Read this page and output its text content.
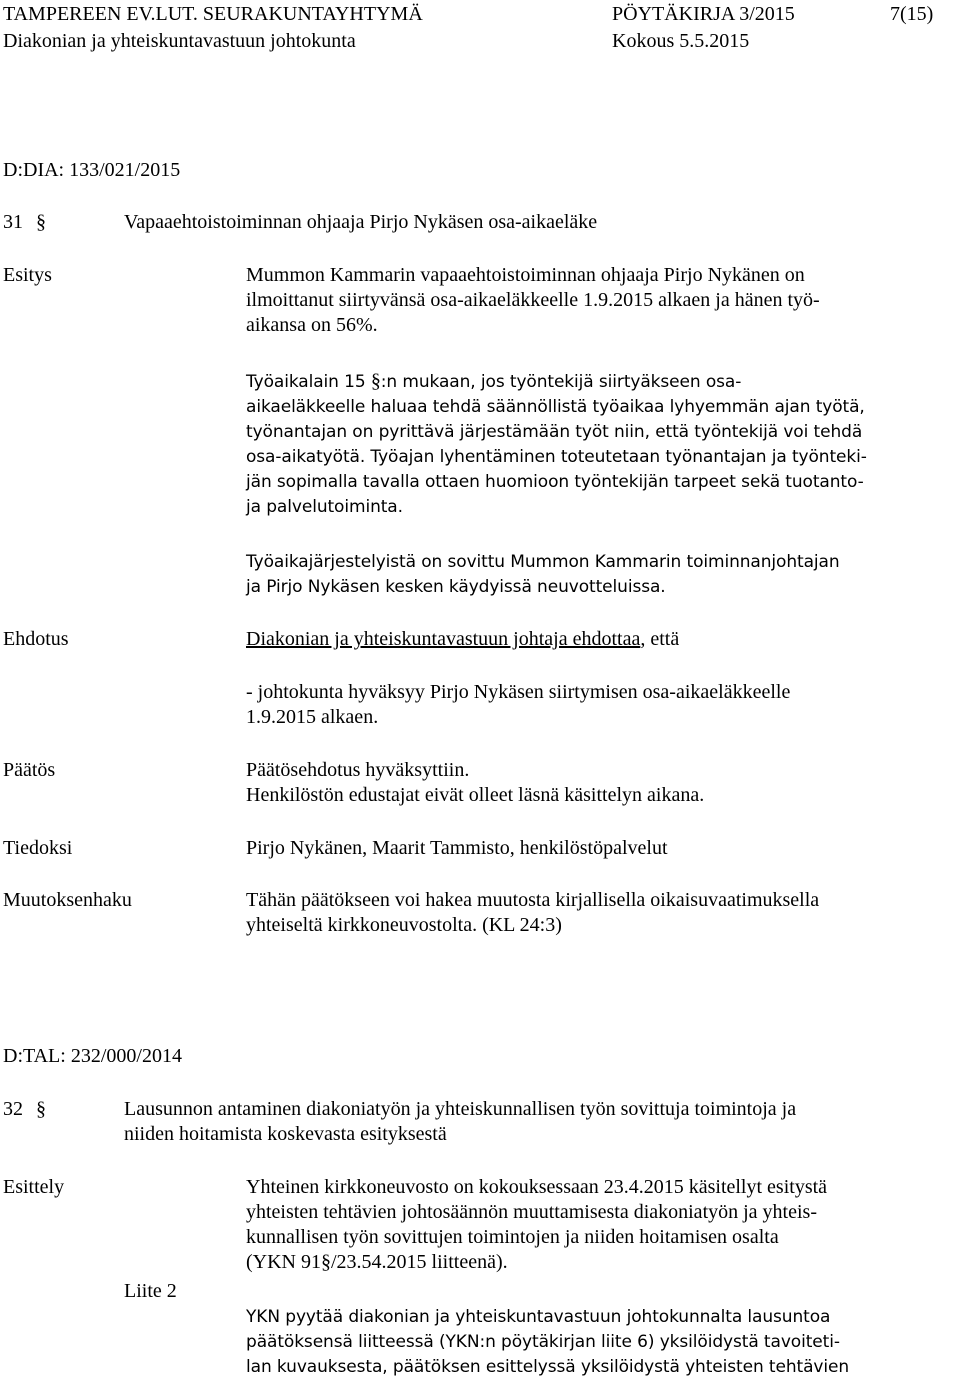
TAMPEREEN EV.LUT. SEURAKUNTAYHTYMÄ	PÖYTÄKIRJA 3/2015	7(15)
Diakonian ja yhteiskuntavastuun johtokunta	Kokous 5.5.2015
D:DIA: 133/021/2015
31 §	Vapaaehtoistoiminnan ohjaaja Pirjo Nykäsen osa-aikaeläke
Esitys	Mummon Kammarin vapaaehtoistoiminnan ohjaaja Pirjo Nykänen on
ilmoittanut siirtyvänsä osa-aikaeläkkeelle 1.9.2015 alkaen ja hänen työ-
aikansa on 56%.
Työaikalain 15 §:n mukaan, jos työntekijä siirtyäkseen osa-
aikaeläkkeelle haluaa tehdä säännöllistä työaikaa lyhyemmän ajan työtä,
työnantajan on pyrittävä järjestämään työt niin, että työntekijä voi tehdä
osa-aikatyötä. Työajan lyhentäminen toteutetaan työnantajan ja työnteki-
jän sopimalla tavalla ottaen huomioon työntekijän tarpeet sekä tuotanto-
ja palvelutoiminta.
Työaikajärjestelyistä on sovittu Mummon Kammarin toiminnanjohtajan
ja Pirjo Nykäsen kesken käydyissä neuvotteluissa.
Ehdotus	Diakonian ja yhteiskuntavastuun johtaja ehdottaa, että
- johtokunta hyväksyy Pirjo Nykäsen siirtymisen osa-aikaeläkkeelle
1.9.2015 alkaen.
Päätös	Päätösehdotus hyväksyttiin.
Henkilöstön edustajat eivät olleet läsnä käsittelyn aikana.
Tiedoksi	Pirjo Nykänen, Maarit Tammisto, henkilöstöpalvelut
Muutoksenhaku	Tähän päätökseen voi hakea muutosta kirjallisella oikaisuvaatimuksella
yhteiseltä kirkkoneuvostolta. (KL 24:3)
D:TAL: 232/000/2014
32 §	Lausunnon antaminen diakoniatyön ja yhteiskunnallisen työn sovittuja toimintoja ja
niiden hoitamista koskevasta esityksestä
Esittely	Yhteinen kirkkoneuvosto on kokouksessaan 23.4.2015 käsitellyt esitystä
yhteisten tehtävien johtosäännön muuttamisesta diakoniatyön ja yhteis-
kunnallisen työn sovittujen toimintojen ja niiden hoitamisen osalta
(YKN 91§/23.54.2015 liitteenä).
Liite 2
YKN pyytää diakonian ja yhteiskuntavastuun johtokunnalta lausuntoa
päätöksensä liitteessä (YKN:n pöytäkirjan liite 6) yksilöidystä tavoiteti-
lan kuvauksesta, päätöksen esittelyssä yksilöidystä yhteisten tehtävien
